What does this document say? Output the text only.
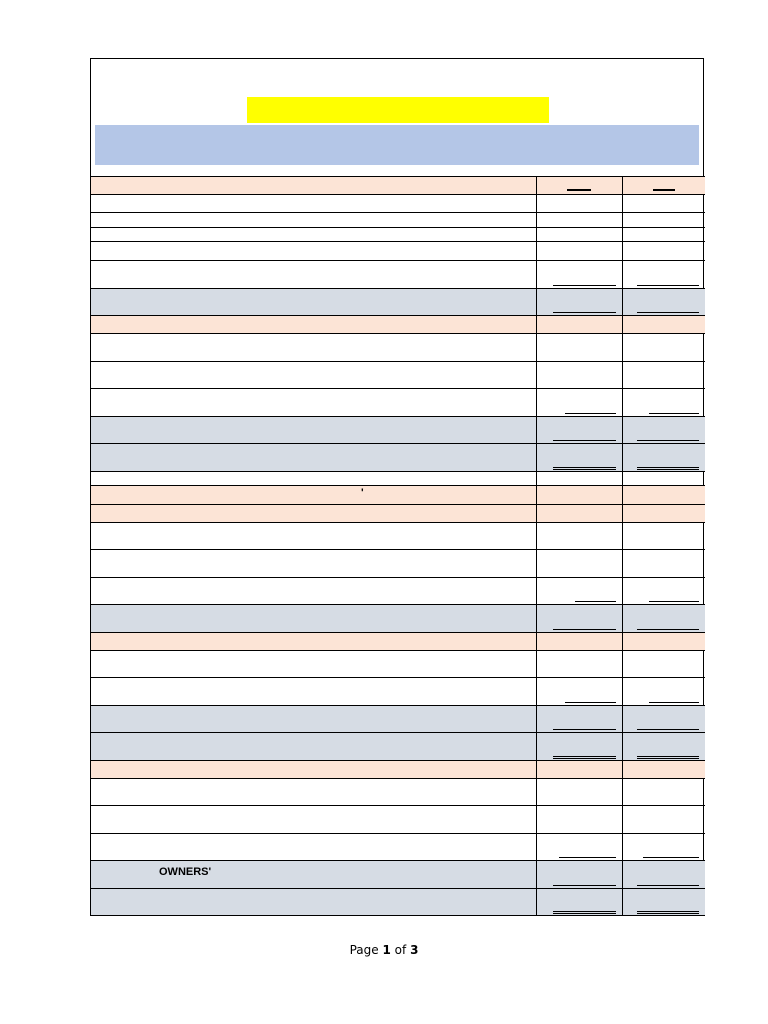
'
OWNERS'
Page 1 of 3
